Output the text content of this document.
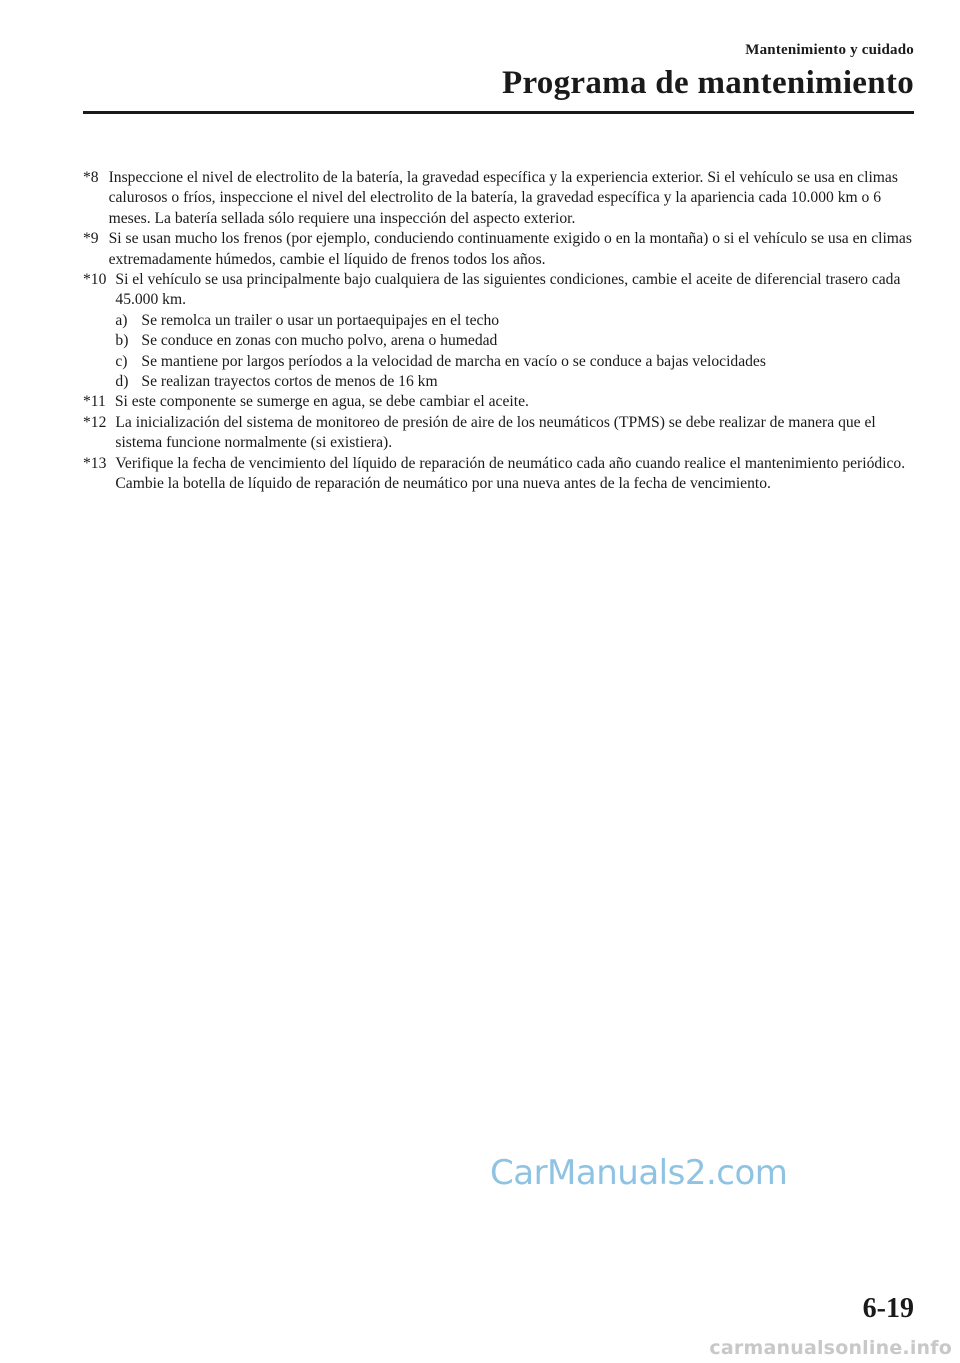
Mantenimiento y cuidado
Programa de mantenimiento
*8 Inspeccione el nivel de electrolito de la batería, la gravedad específica y la experiencia exterior. Si el vehículo se usa en climas calurosos o fríos, inspeccione el nivel del electrolito de la batería, la gravedad específica y la apariencia cada 10.000 km o 6 meses. La batería sellada sólo requiere una inspección del aspecto exterior.
*9 Si se usan mucho los frenos (por ejemplo, conduciendo continuamente exigido o en la montaña) o si el vehículo se usa en climas extremadamente húmedos, cambie el líquido de frenos todos los años.
*10 Si el vehículo se usa principalmente bajo cualquiera de las siguientes condiciones, cambie el aceite de diferencial trasero cada 45.000 km.
a) Se remolca un trailer o usar un portaequipajes en el techo
b) Se conduce en zonas con mucho polvo, arena o humedad
c) Se mantiene por largos períodos a la velocidad de marcha en vacío o se conduce a bajas velocidades
d) Se realizan trayectos cortos de menos de 16 km
*11 Si este componente se sumerge en agua, se debe cambiar el aceite.
*12 La inicialización del sistema de monitoreo de presión de aire de los neumáticos (TPMS) se debe realizar de manera que el sistema funcione normalmente (si existiera).
*13 Verifique la fecha de vencimiento del líquido de reparación de neumático cada año cuando realice el mantenimiento periódico. Cambie la botella de líquido de reparación de neumático por una nueva antes de la fecha de vencimiento.
CarManuals2.com
6-19
carmanualsonline.info
